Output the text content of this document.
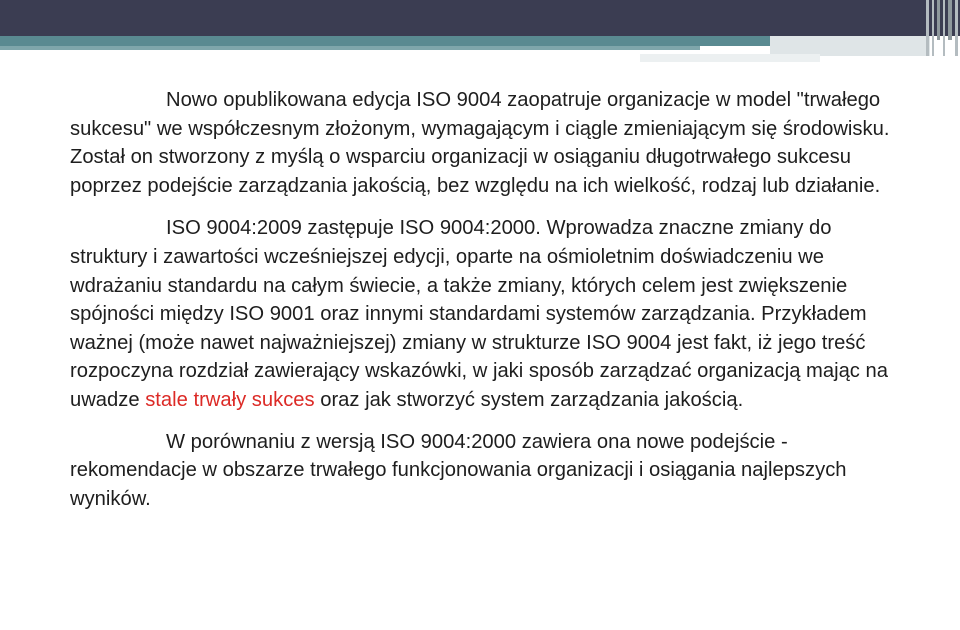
Nowo opublikowana edycja ISO 9004 zaopatruje organizacje w model "trwałego sukcesu" we współczesnym złożonym, wymagającym i ciągle zmieniającym się środowisku. Został on stworzony z myślą o wsparciu organizacji w osiąganiu długotrwałego sukcesu poprzez podejście zarządzania jakością, bez względu na ich wielkość, rodzaj lub działanie.

ISO 9004:2009 zastępuje ISO 9004:2000. Wprowadza znaczne zmiany do struktury i zawartości wcześniejszej edycji, oparte na ośmioletnim doświadczeniu we wdrażaniu standardu na całym świecie, a także zmiany, których celem jest zwiększenie spójności między ISO 9001 oraz innymi standardami systemów zarządzania. Przykładem ważnej (może nawet najważniejszej) zmiany w strukturze ISO 9004 jest fakt, iż jego treść rozpoczyna rozdział zawierający wskazówki, w jaki sposób zarządzać organizacją mając na uwadze stale trwały sukces oraz jak stworzyć system zarządzania jakością.

W porównaniu z wersją ISO 9004:2000 zawiera ona nowe podejście - rekomendacje w obszarze trwałego funkcjonowania organizacji i osiągania najlepszych wyników.
